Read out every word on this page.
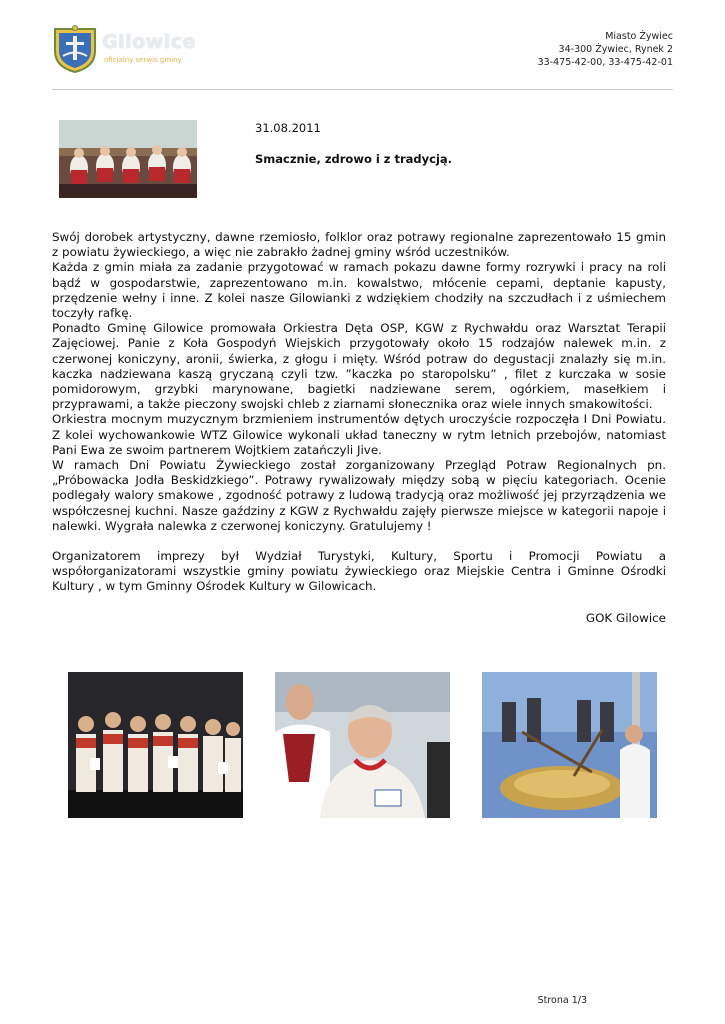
Gilowice
oficjalny serwis gminy
Miasto Żywiec
34-300 Żywiec, Rynek 2
33-475-42-00, 33-475-42-01
31.08.2011
Smacznie, zdrowo i z tradycją.

Swój dorobek artystyczny, dawne rzemiosło, folklor oraz potrawy regionalne zaprezentowało 15 gmin z powiatu żywieckiego, a więc nie zabrakło żadnej gminy wśród uczestników.

Każda z gmin miała za zadanie przygotować w ramach pokazu dawne formy rozrywki i pracy na roli bądź w gospodarstwie, zaprezentowano m.in. kowalstwo, młócenie cepami, deptanie kapusty, przędzenie wełny i inne. Z kolei nasze Gilowianki z wdziękiem chodziły na szczudłach i z uśmiechem toczyły rafkę.

Ponadto Gminę Gilowice promowała Orkiestra Dęta OSP, KGW z Rychwałdu oraz Warsztat Terapii Zajęciowej. Panie z Koła Gospodyń Wiejskich przygotowały około 15 rodzajów nalewek m.in. z czerwonej koniczyny, aronii, świerka, z głogu i mięty. Wśród potraw do degustacji znalazły się m.in. kaczka nadziewana kaszą gryczaną czyli tzw. ”kaczka po staropolsku” , filet z kurczaka w sosie pomidorowym, grzybki marynowane, bagietki nadziewane serem, ogórkiem, masełkiem i przyprawami, a także pieczony swojski chleb z ziarnami słonecznika oraz wiele innych smakowitości.

Orkiestra mocnym muzycznym brzmieniem instrumentów dętych uroczyście rozpoczęła I Dni Powiatu. Z kolei wychowankowie WTZ Gilowice wykonali układ taneczny w rytm letnich przebojów, natomiast Pani Ewa ze swoim partnerem Wojtkiem zatańczyli Jive.

W ramach Dni Powiatu Żywieckiego został zorganizowany Przegląd Potraw Regionalnych pn. „Próbowacka Jodła Beskidzkiego”. Potrawy rywalizowały między sobą w pięciu kategoriach. Ocenie podlegały walory smakowe , zgodność potrawy z ludową tradycją oraz możliwość jej przyrządzenia we współczesnej kuchni. Nasze gaździny z KGW z Rychwałdu zajęły pierwsze miejsce w kategorii napoje i nalewki. Wygrała nalewka z czerwonej koniczyny. Gratulujemy !

Organizatorem imprezy był Wydział Turystyki, Kultury, Sportu i Promocji Powiatu a współorganizatorami wszystkie gminy powiatu żywieckiego oraz Miejskie Centra i Gminne Ośrodki Kultury , w tym Gminny Ośrodek Kultury w Gilowicach.

GOK Gilowice
Strona 1/3
